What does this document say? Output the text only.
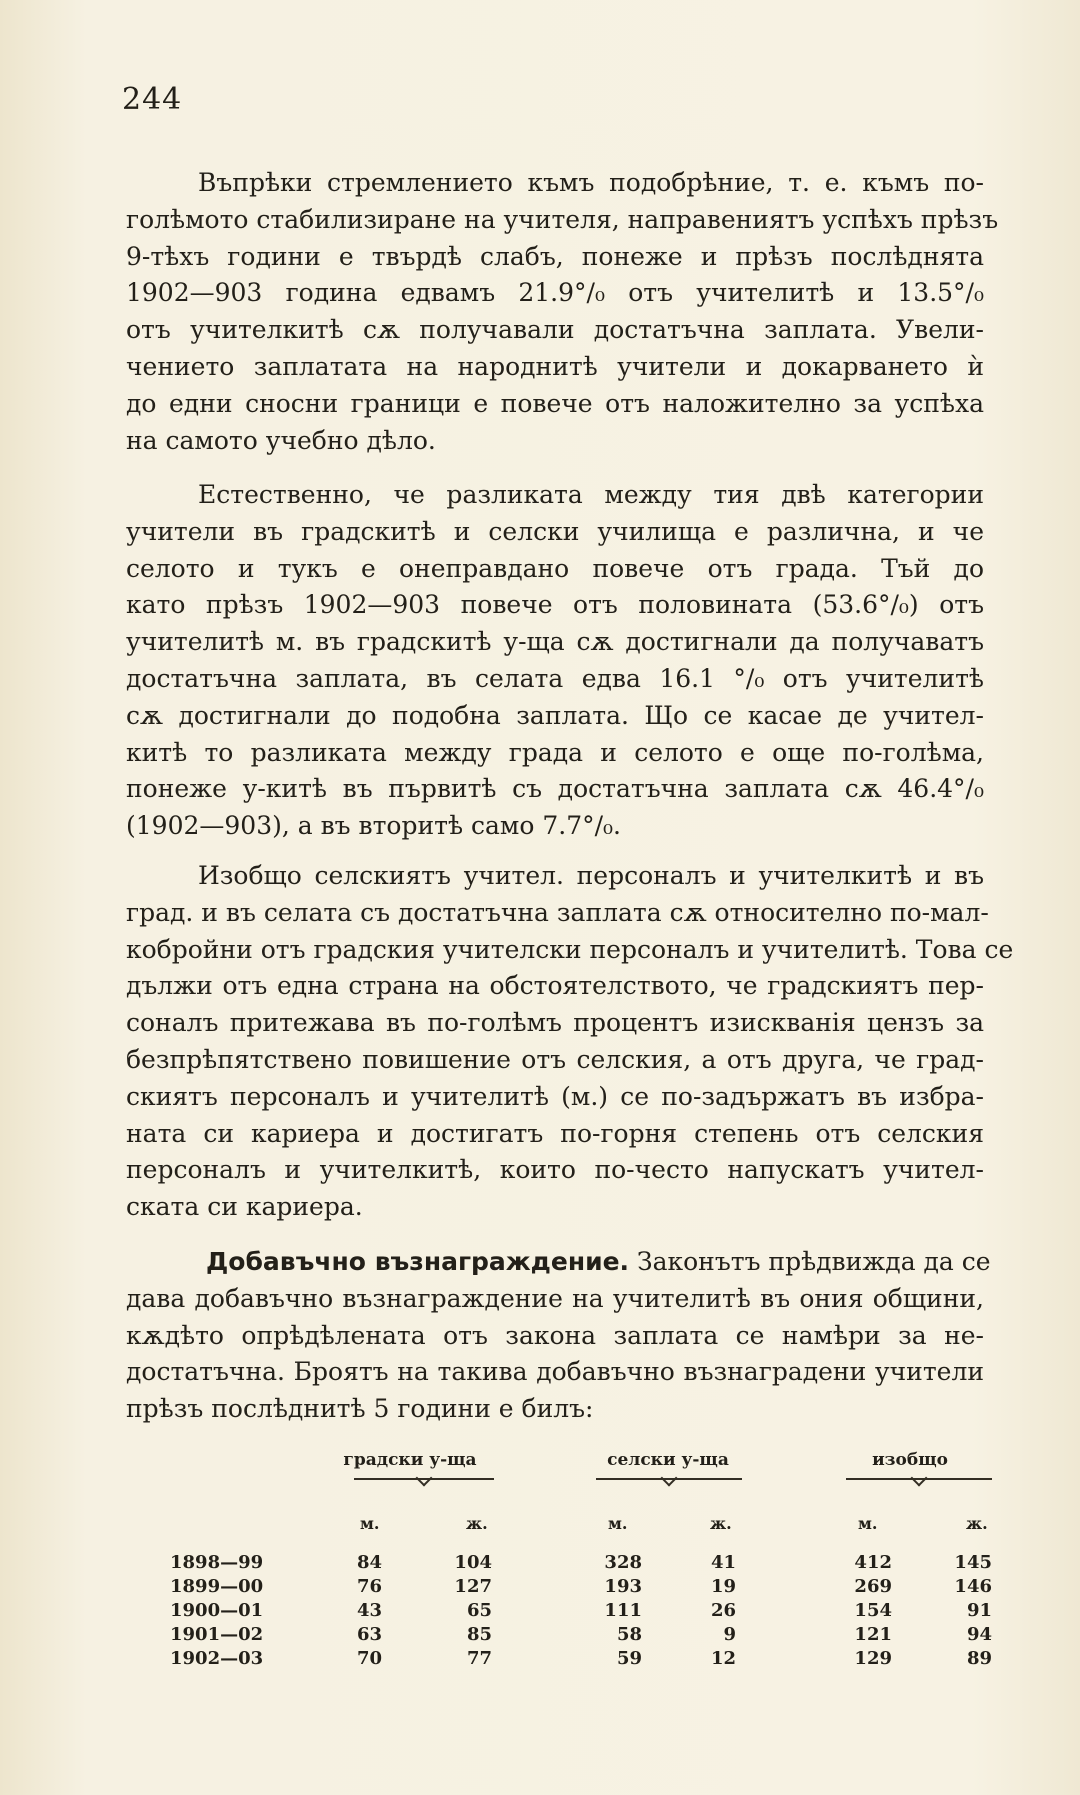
244
Въпрѣки стремлението къмъ подобрѣние, т. е. къмъ по-
голѣмото стабилизиране на учителя, направениятъ успѣхъ прѣзъ
9-тѣхъ години е твърдѣ слабъ, понеже и прѣзъ послѣднята
1902—903 година едвамъ 21.9°/₀ отъ учителитѣ и 13.5°/₀
отъ учителкитѣ сѫ получавали достатъчна заплата. Увели-
чението заплатата на народнитѣ учители и докарването ѝ
до едни сносни граници е повече отъ наложително за успѣха
на самото учебно дѣло.
Естественно, че разликата между тия двѣ категории
учители въ градскитѣ и селски училища е различна, и че
селото и тукъ е онеправдано повече отъ града. Тъй до
като прѣзъ 1902—903 повече отъ половината (53.6°/₀) отъ
учителитѣ м. въ градскитѣ у-ща сѫ достигнали да получаватъ
достатъчна заплата, въ селата едва 16.1 °/₀ отъ учителитѣ
сѫ достигнали до подобна заплата. Що се касае де учител-
китѣ то разликата между града и селото е още по-голѣма,
понеже у-китѣ въ първитѣ съ достатъчна заплата сѫ 46.4°/₀
(1902—903), а въ вторитѣ само 7.7°/₀.
Изобщо селскиятъ учител. персоналъ и учителкитѣ и въ
град. и въ селата съ достатъчна заплата сѫ относително по-мал-
кобройни отъ градския учителски персоналъ и учителитѣ. Това се
дължи отъ една страна на обстоятелството, че градскиятъ пер-
соналъ притежава въ по-голѣмъ процентъ изискванія цензъ за
безпрѣпятствено повишение отъ селския, а отъ друга, че град-
скиятъ персоналъ и учителитѣ (м.) се по-задържатъ въ избра-
ната си кариера и достигатъ по-горня степень отъ селския
персоналъ и учителкитѣ, които по-често напускатъ учител-
ската си кариера.
Добавъчно възнаграждение. Законътъ прѣдвижда да се
дава добавъчно възнаграждение на учителитѣ въ ония общини,
кѫдѣто опрѣдѣлената отъ закона заплата се намѣри за не-
достатъчна. Броятъ на такива добавъчно възнаградени учители
прѣзъ послѣднитѣ 5 години е билъ:
градски у-ща	селски у-ща	изобщо
м.	ж.	м.	ж.	м.	ж.
1898—99	84	104	328	41	412	145
1899—00	76	127	193	19	269	146
1900—01	43	65	111	26	154	91
1901—02	63	85	58	9	121	94
1902—03	70	77	59	12	129	89
